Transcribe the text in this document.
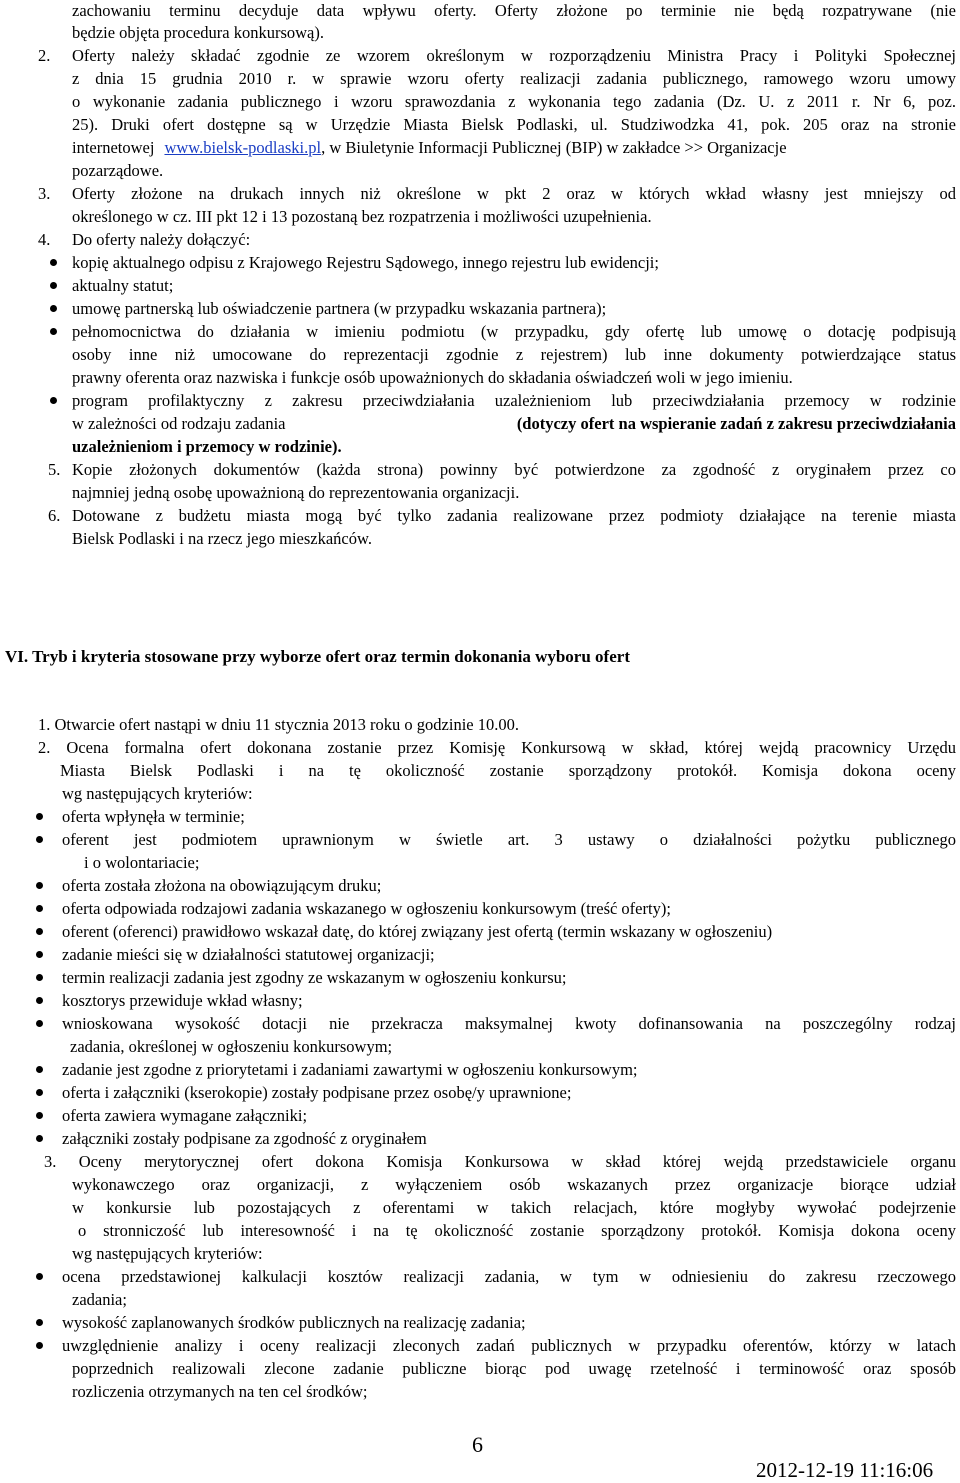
zachowaniu terminu decyduje data wpływu oferty. Oferty złożone po terminie nie będą rozpatrywane (nie
będzie objęta procedura konkursową).
2. Oferty należy składać zgodnie ze wzorem określonym w rozporządzeniu Ministra Pracy i Polityki Społecznej
z dnia 15 grudnia 2010 r. w sprawie wzoru oferty realizacji zadania publicznego, ramowego wzoru umowy
o wykonanie zadania publicznego i wzoru sprawozdania z wykonania tego zadania (Dz. U. z 2011 r. Nr 6, poz.
25). Druki ofert dostępne są w Urzędzie Miasta Bielsk Podlaski, ul. Studziwodzka 41, pok. 205 oraz na stronie
internetowej www.bielsk-podlaski.pl, w Biuletynie Informacji Publicznej (BIP) w zakładce >> Organizacje
pozarządowe.
3. Oferty złożone na drukach innych niż określone w pkt 2 oraz w których wkład własny jest mniejszy od
określonego w cz. III pkt 12 i 13 pozostaną bez rozpatrzenia i możliwości uzupełnienia.
4. Do oferty należy dołączyć:
kopię aktualnego odpisu z Krajowego Rejestru Sądowego, innego rejestru lub ewidencji;
aktualny statut;
umowę partnerską lub oświadczenie partnera (w przypadku wskazania partnera);
pełnomocnictwa do działania w imieniu podmiotu (w przypadku, gdy ofertę lub umowę o dotację podpisują
osoby inne niż umocowane do reprezentacji zgodnie z rejestrem) lub inne dokumenty potwierdzające status
prawny oferenta oraz nazwiska i funkcje osób upoważnionych do składania oświadczeń woli w jego imieniu.
program profilaktyczny z zakresu przeciwdziałania uzależnieniom lub przeciwdziałania przemocy w rodzinie
w zależności od rodzaju zadania	(dotyczy ofert na wspieranie zadań z zakresu przeciwdziałania
uzależnieniom i przemocy w rodzinie).
5. Kopie złożonych dokumentów (każda strona) powinny być potwierdzone za zgodność z oryginałem przez co
najmniej jedną osobę upoważnioną do reprezentowania organizacji.
6. Dotowane z budżetu miasta mogą być tylko zadania realizowane przez podmioty działające na terenie miasta
Bielsk Podlaski i na rzecz jego mieszkańców.
VI. Tryb i kryteria stosowane przy wyborze ofert oraz termin dokonania wyboru ofert
1. Otwarcie ofert nastąpi w dniu 11 stycznia 2013 roku o godzinie 10.00.
2. Ocena formalna ofert dokonana zostanie przez Komisję Konkursową w skład, której wejdą pracownicy Urzędu
Miasta Bielsk Podlaski i na tę okoliczność zostanie sporządzony protokół. Komisja dokona oceny
wg następujących kryteriów:
oferta wpłynęła w terminie;
oferent jest podmiotem uprawnionym w świetle art. 3 ustawy o działalności pożytku publicznego
i o wolontariacie;
oferta została złożona na obowiązującym druku;
oferta odpowiada rodzajowi zadania wskazanego w ogłoszeniu konkursowym (treść oferty);
oferent (oferenci) prawidłowo wskazał datę, do której związany jest ofertą (termin wskazany w ogłoszeniu)
zadanie mieści się w działalności statutowej organizacji;
termin realizacji zadania jest zgodny ze wskazanym w ogłoszeniu konkursu;
kosztorys przewiduje wkład własny;
wnioskowana wysokość dotacji nie przekracza maksymalnej kwoty dofinansowania na poszczególny rodzaj
zadania, określonej w ogłoszeniu konkursowym;
zadanie jest zgodne z priorytetami i zadaniami zawartymi w ogłoszeniu konkursowym;
oferta i załączniki (kserokopie) zostały podpisane przez osobę/y uprawnione;
oferta zawiera wymagane załączniki;
załączniki zostały podpisane za zgodność z oryginałem
3. Oceny merytorycznej ofert dokona Komisja Konkursowa w skład której wejdą przedstawiciele organu
wykonawczego oraz organizacji, z wyłączeniem osób wskazanych przez organizacje biorące udział
w konkursie lub pozostających z oferentami w takich relacjach, które mogłyby wywołać podejrzenie
o stronniczość lub interesowność i na tę okoliczność zostanie sporządzony protokół. Komisja dokona oceny
wg następujących kryteriów:
ocena przedstawionej kalkulacji kosztów realizacji zadania, w tym w odniesieniu do zakresu rzeczowego
zadania;
wysokość zaplanowanych środków publicznych na realizację zadania;
uwzględnienie analizy i oceny realizacji zleconych zadań publicznych w przypadku oferentów, którzy w latach
poprzednich realizowali zlecone zadanie publiczne biorąc pod uwagę rzetelność i terminowość oraz sposób
rozliczenia otrzymanych na ten cel środków;
6
2012-12-19 11:16:06
